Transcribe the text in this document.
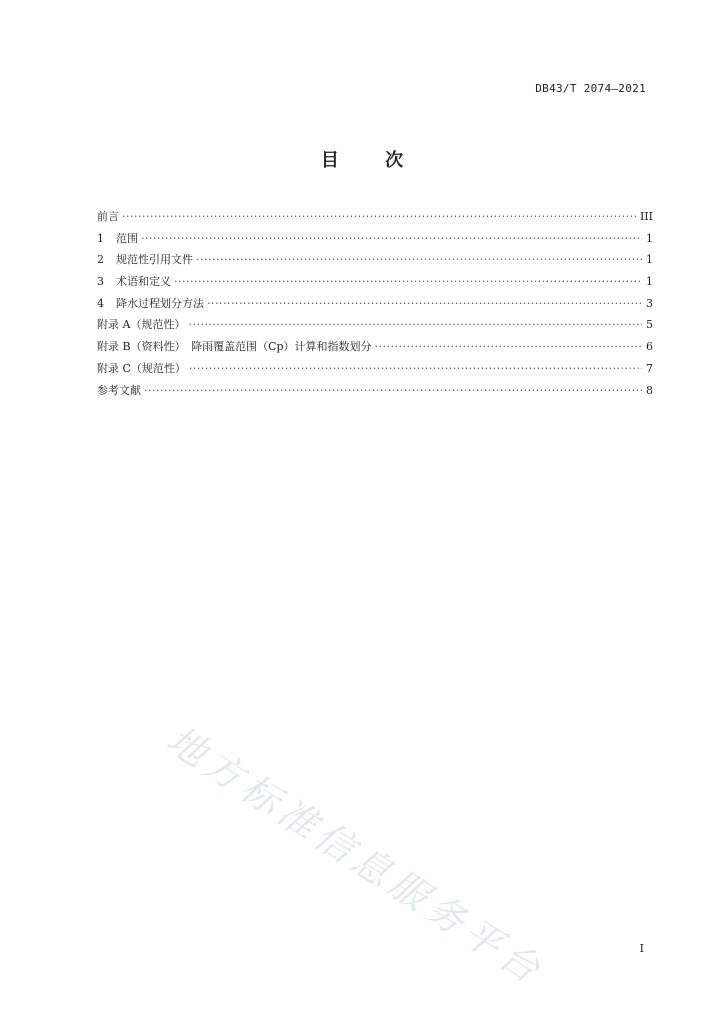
DB43/T 2074—2021
目 次
前言 ·····	III
1 范围 ·····	1
2 规范性引用文件 ·····	1
3 术语和定义 ·····	1
4 降水过程划分方法 ·····	3
附录 A（规范性） ·····	5
附录 B（资料性）　降雨覆盖范围（Cp）计算和指数划分 ·····	6
附录 C（规范性） ·····	7
参考文献 ·····	8
地方标准信息服务平台	I
